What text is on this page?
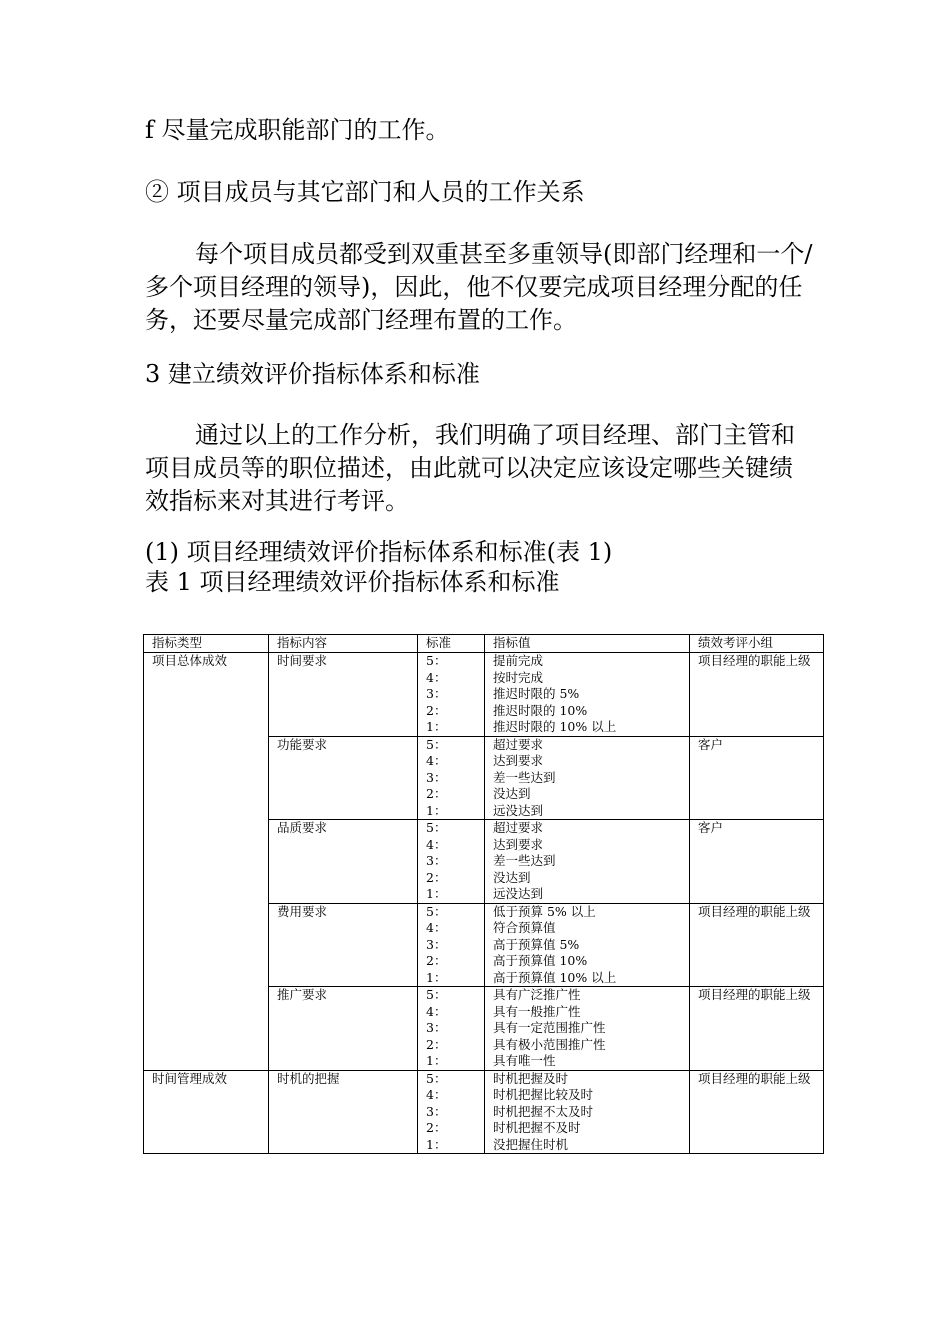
f 尽量完成职能部门的工作。

② 项目成员与其它部门和人员的工作关系

每个项目成员都受到双重甚至多重领导(即部门经理和一个/多个项目经理的领导)，因此，他不仅要完成项目经理分配的任务，还要尽量完成部门经理布置的工作。

3 建立绩效评价指标体系和标准

通过以上的工作分析，我们明确了项目经理、部门主管和项目成员等的职位描述，由此就可以决定应该设定哪些关键绩效指标来对其进行考评。

(1) 项目经理绩效评价指标体系和标准(表 1)

表 1 项目经理绩效评价指标体系和标准

指标类型	指标内容	标准	指标值	绩效考评小组
项目总体成效	时间要求	5：
4：
3：
2：
1：	提前完成
按时完成
推迟时限的 5%
推迟时限的 10%
推迟时限的 10% 以上	项目经理的职能上级
	功能要求	5：
4：
3：
2：
1：	超过要求
达到要求
差一些达到
没达到
远没达到	客户
	品质要求	5：
4：
3：
2：
1：	超过要求
达到要求
差一些达到
没达到
远没达到	客户
	费用要求	5：
4：
3：
2：
1：	低于预算 5% 以上
符合预算值
高于预算值 5%
高于预算值 10%
高于预算值 10% 以上	项目经理的职能上级
	推广要求	5：
4：
3：
2：
1：	具有广泛推广性
具有一般推广性
具有一定范围推广性
具有极小范围推广性
具有唯一性	项目经理的职能上级
时间管理成效	时机的把握	5：
4：
3：
2：
1：	时机把握及时
时机把握比较及时
时机把握不太及时
时机把握不及时
没把握住时机	项目经理的职能上级
